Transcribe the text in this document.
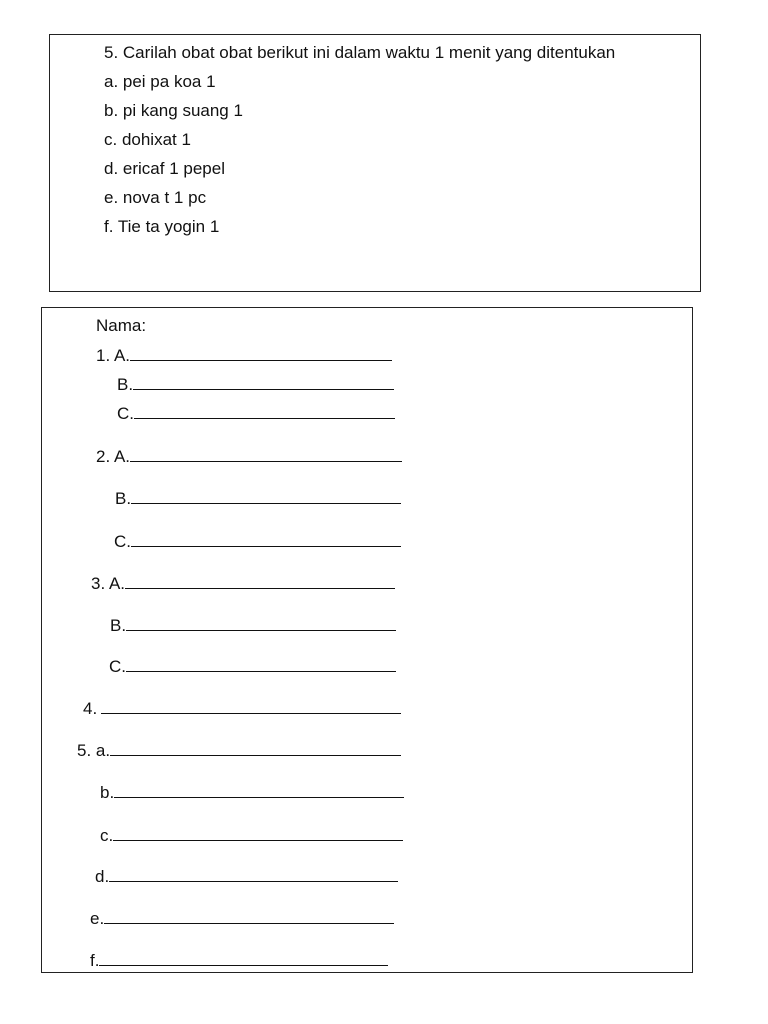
5. Carilah obat obat berikut ini dalam waktu 1 menit yang ditentukan
a. pei pa koa 1
b. pi kang suang 1
c. dohixat 1
d. ericaf 1 pepel
e. nova t 1 pc
f. Tie ta yogin 1
Nama:
1. A.
B.
C.
2. A.
B.
C.
3. A.
B.
C.
4.
5. a.
b.
c.
d.
e.
f.
